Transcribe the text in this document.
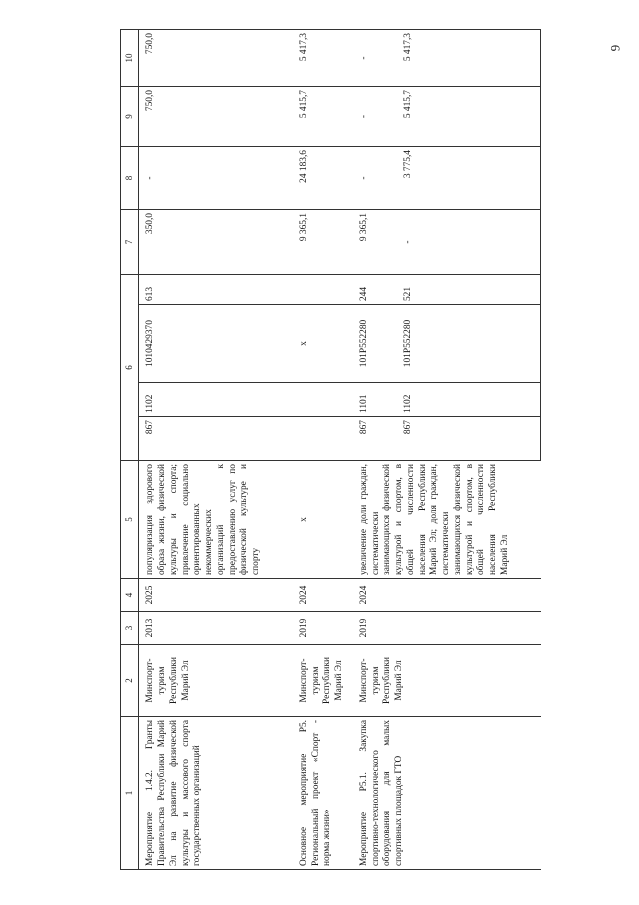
6
1	2	3	4	5	6				7	8	9	10
Мероприятие 1.4.2. Гранты Правительства Республики Марий Эл на развитие физической культуры и массового спорта государственных организаций	Минспорт-туризм Республики Марий Эл	2013	2025	популяризация здорового образа жизни, физической культуры и спорта; привлечение социально ориентированных некоммерческих организаций к предоставлению услуг по физической культуре и спорту	867	1102	1010429370	613	350,0	-	750,0	750,0
Основное мероприятие Р5. Региональный проект «Спорт - норма жизни»	Минспорт-туризм Республики Марий Эл	2019	2024	х			х		9 365,1	24 183,6	5 415,7	5 417,3
Мероприятие Р5.1. Закупка спортивно-технологического оборудования для малых спортивных площадок ГТО	Минспорт-туризм Республики Марий Эл	2019	2024	увеличение доли граждан, систематически занимающихся физической культурой и спортом, в общей численности населения Республики Марий Эл; доля граждан, систематически занимающихся физической культурой и спортом, в общей численности населения Республики Марий Эл	867	1101	101P552280	244	9 365,1	-	-	-
					867	1102	101P552280	521	-	3 775,4	5 415,7	5 417,3
